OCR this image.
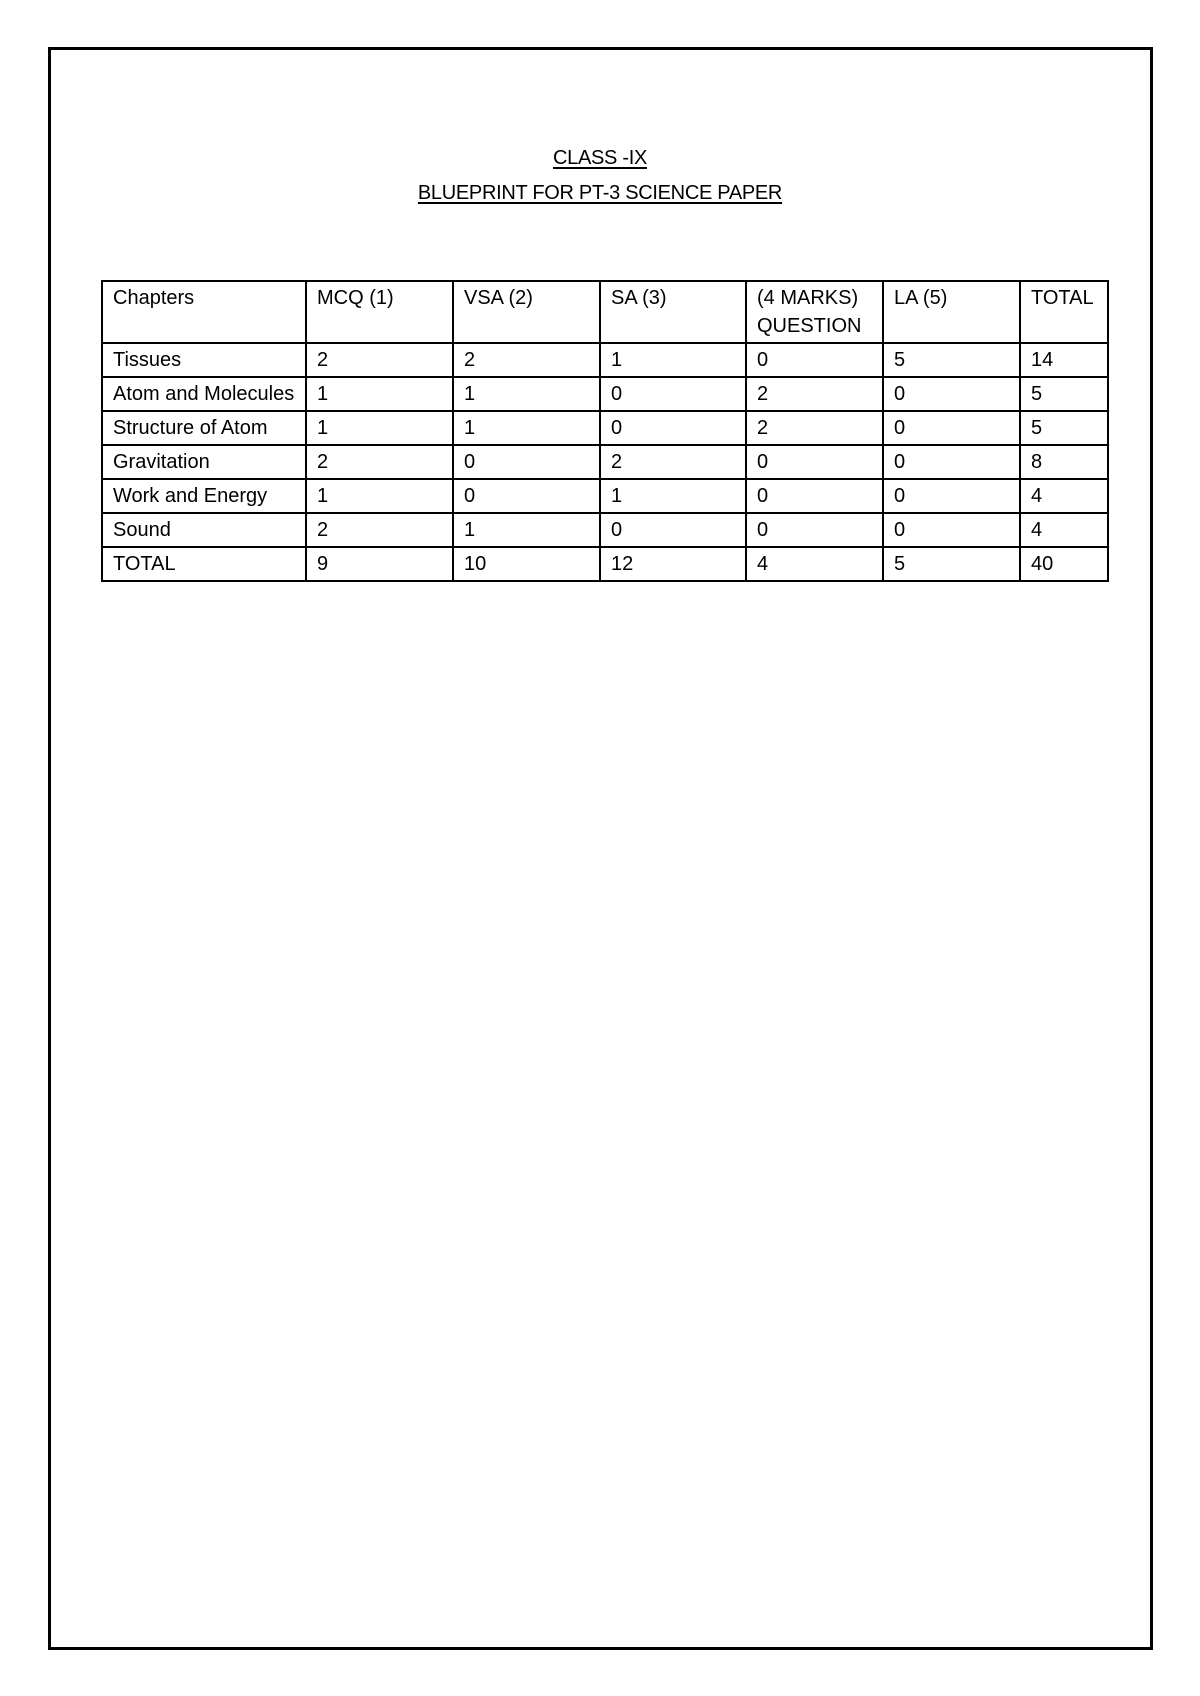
CLASS -IX
BLUEPRINT FOR PT-3 SCIENCE PAPER
Chapters	MCQ (1)	VSA (2)	SA (3)	(4 MARKS) QUESTION	LA (5)	TOTAL
Tissues	2	2	1	0	5	14
Atom and Molecules	1	1	0	2	0	5
Structure of Atom	1	1	0	2	0	5
Gravitation	2	0	2	0	0	8
Work and Energy	1	0	1	0	0	4
Sound	2	1	0	0	0	4
TOTAL	9	10	12	4	5	40
